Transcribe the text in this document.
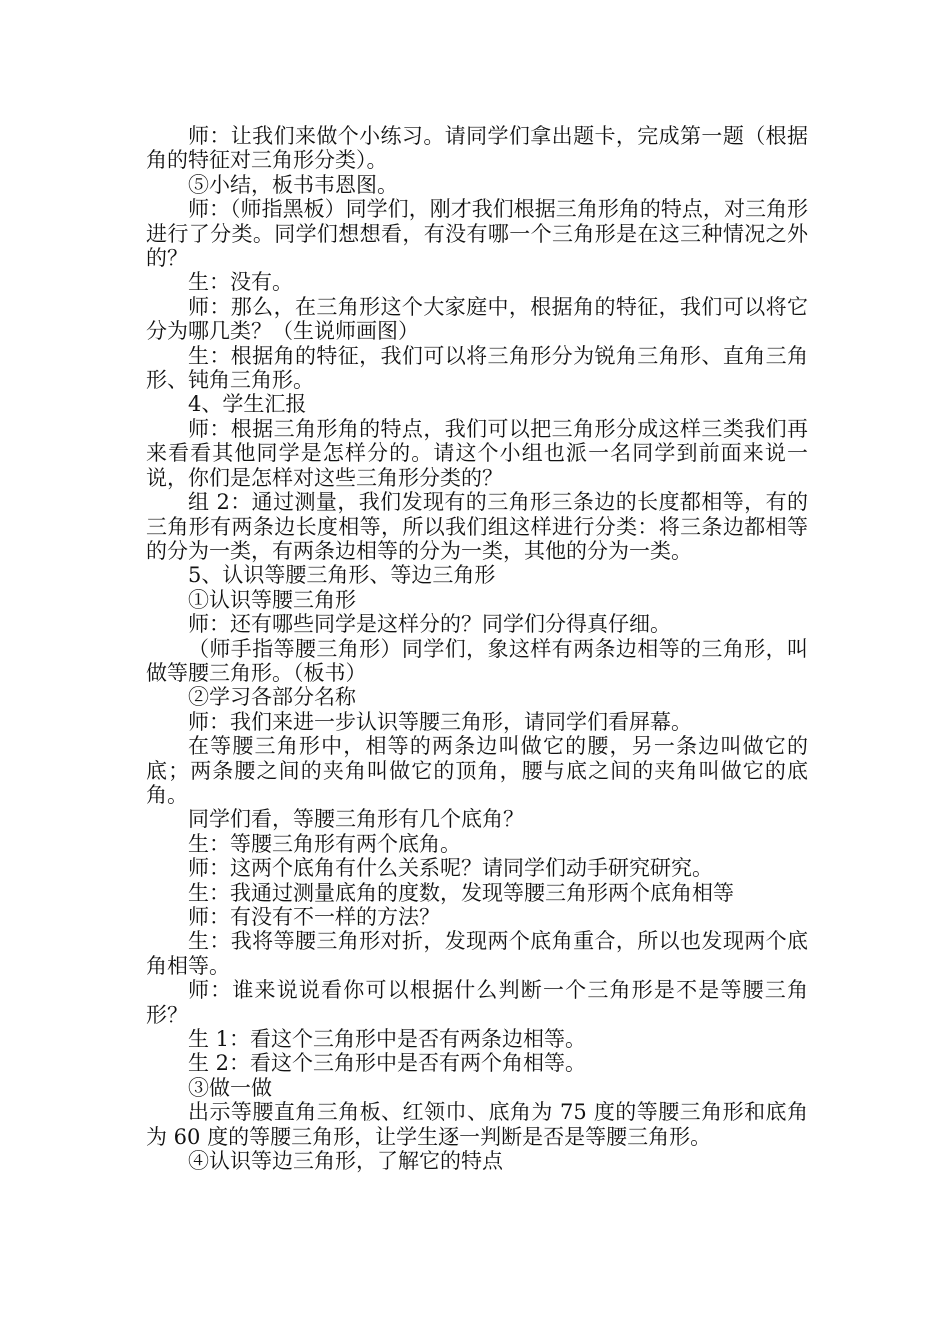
师：让我们来做个小练习。请同学们拿出题卡，完成第一题（根据角的特征对三角形分类）。

⑤小结，板书韦恩图。

师：（师指黑板）同学们，刚才我们根据三角形角的特点，对三角形进行了分类。同学们想想看，有没有哪一个三角形是在这三种情况之外的？

生：没有。

师：那么，在三角形这个大家庭中，根据角的特征，我们可以将它分为哪几类？（生说师画图）

生：根据角的特征，我们可以将三角形分为锐角三角形、直角三角形、钝角三角形。

4、学生汇报

师：根据三角形角的特点，我们可以把三角形分成这样三类我们再来看看其他同学是怎样分的。请这个小组也派一名同学到前面来说一说，你们是怎样对这些三角形分类的？

组 2：通过测量，我们发现有的三角形三条边的长度都相等，有的三角形有两条边长度相等，所以我们组这样进行分类：将三条边都相等的分为一类，有两条边相等的分为一类，其他的分为一类。

5、认识等腰三角形、等边三角形

①认识等腰三角形

师：还有哪些同学是这样分的？同学们分得真仔细。

（师手指等腰三角形）同学们，象这样有两条边相等的三角形，叫做等腰三角形。（板书）

②学习各部分名称

师：我们来进一步认识等腰三角形，请同学们看屏幕。

在等腰三角形中，相等的两条边叫做它的腰，另一条边叫做它的底；两条腰之间的夹角叫做它的顶角，腰与底之间的夹角叫做它的底角。

同学们看，等腰三角形有几个底角？

生：等腰三角形有两个底角。

师：这两个底角有什么关系呢？请同学们动手研究研究。

生：我通过测量底角的度数，发现等腰三角形两个底角相等

师：有没有不一样的方法？

生：我将等腰三角形对折，发现两个底角重合，所以也发现两个底角相等。

师：谁来说说看你可以根据什么判断一个三角形是不是等腰三角形？

生 1：看这个三角形中是否有两条边相等。

生 2：看这个三角形中是否有两个角相等。

③做一做

出示等腰直角三角板、红领巾、底角为 75 度的等腰三角形和底角为 60 度的等腰三角形，让学生逐一判断是否是等腰三角形。

④认识等边三角形，了解它的特点
